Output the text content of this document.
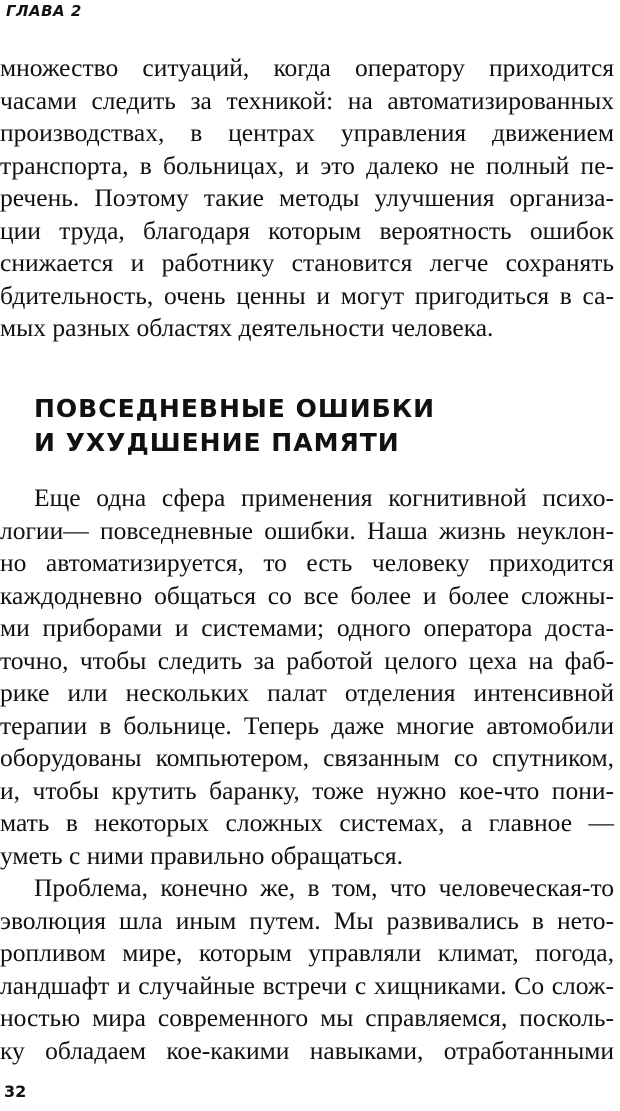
ГЛАВА 2

множество ситуаций, когда оператору приходится
часами следить за техникой: на автоматизированных
производствах, в центрах управления движением
транспорта, в больницах, и это далеко не полный пе-
речень. Поэтому такие методы улучшения организа-
ции труда, благодаря которым вероятность ошибок
снижается и работнику становится легче сохранять
бдительность, очень ценны и могут пригодиться в са-
мых разных областях деятельности человека.

ПОВСЕДНЕВНЫЕ ОШИБКИ
И УХУДШЕНИЕ ПАМЯТИ

Еще одна сфера применения когнитивной психо-
логии— повседневные ошибки. Наша жизнь неуклон-
но автоматизируется, то есть человеку приходится
каждодневно общаться со все более и более сложны-
ми приборами и системами; одного оператора доста-
точно, чтобы следить за работой целого цеха на фаб-
рике или нескольких палат отделения интенсивной
терапии в больнице. Теперь даже многие автомобили
оборудованы компьютером, связанным со спутником,
и, чтобы крутить баранку, тоже нужно кое-что пони-
мать в некоторых сложных системах, а главное —
уметь с ними правильно обращаться.

Проблема, конечно же, в том, что человеческая-то
эволюция шла иным путем. Мы развивались в нето-
ропливом мире, которым управляли климат, погода,
ландшафт и случайные встречи с хищниками. Со слож-
ностью мира современного мы справляемся, посколь-
ку обладаем кое-какими навыками, отработанными

32
